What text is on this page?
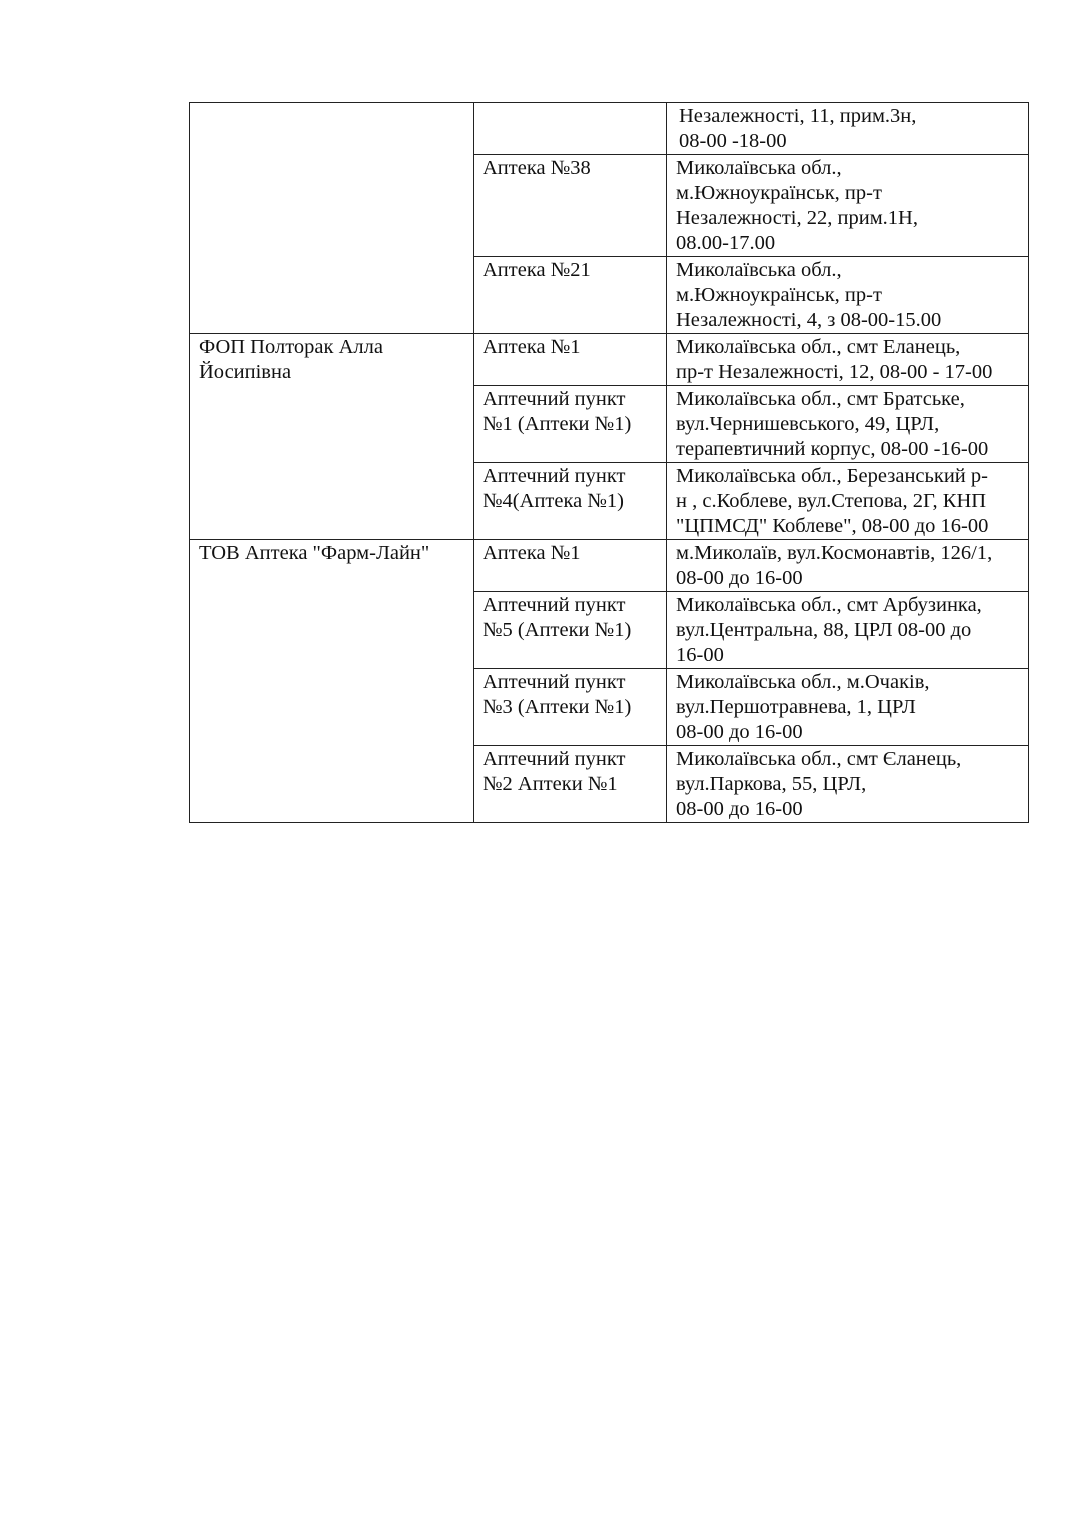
		Незалежності, 11, прим.3н,
08-00 -18-00

	Аптека №38	Миколаївська обл.,
м.Южноукраїнськ, пр-т
Незалежності, 22, прим.1Н,
08.00-17.00

	Аптека №21	Миколаївська обл.,
м.Южноукраїнськ, пр-т
Незалежності, 4, з 08-00-15.00

ФОП Полторак Алла
Йосипівна	Аптека №1	Миколаївська обл., смт Еланець,
пр-т Незалежності, 12, 08-00 - 17-00

	Аптечний пункт
№1 (Аптеки №1)	Миколаївська обл., смт Братське,
вул.Чернишевського, 49, ЦРЛ,
терапевтичний корпус, 08-00 -16-00

	Аптечний пункт
№4(Аптека №1)	Миколаївська обл., Березанський р-
н , с.Коблеве, вул.Степова, 2Г, КНП
"ЦПМСД" Коблеве", 08-00 до 16-00

ТОВ Аптека "Фарм-Лайн"	Аптека №1	м.Миколаїв, вул.Космонавтів, 126/1,
08-00 до 16-00

	Аптечний пункт
№5 (Аптеки №1)	Миколаївська обл., смт Арбузинка,
вул.Центральна, 88, ЦРЛ 08-00 до
16-00

	Аптечний пункт
№3 (Аптеки №1)	Миколаївська обл., м.Очаків,
вул.Першотравнева, 1, ЦРЛ
08-00 до 16-00

	Аптечний пункт
№2 Аптеки №1	Миколаївська обл., смт Єланець,
вул.Паркова, 55, ЦРЛ,
08-00 до 16-00
